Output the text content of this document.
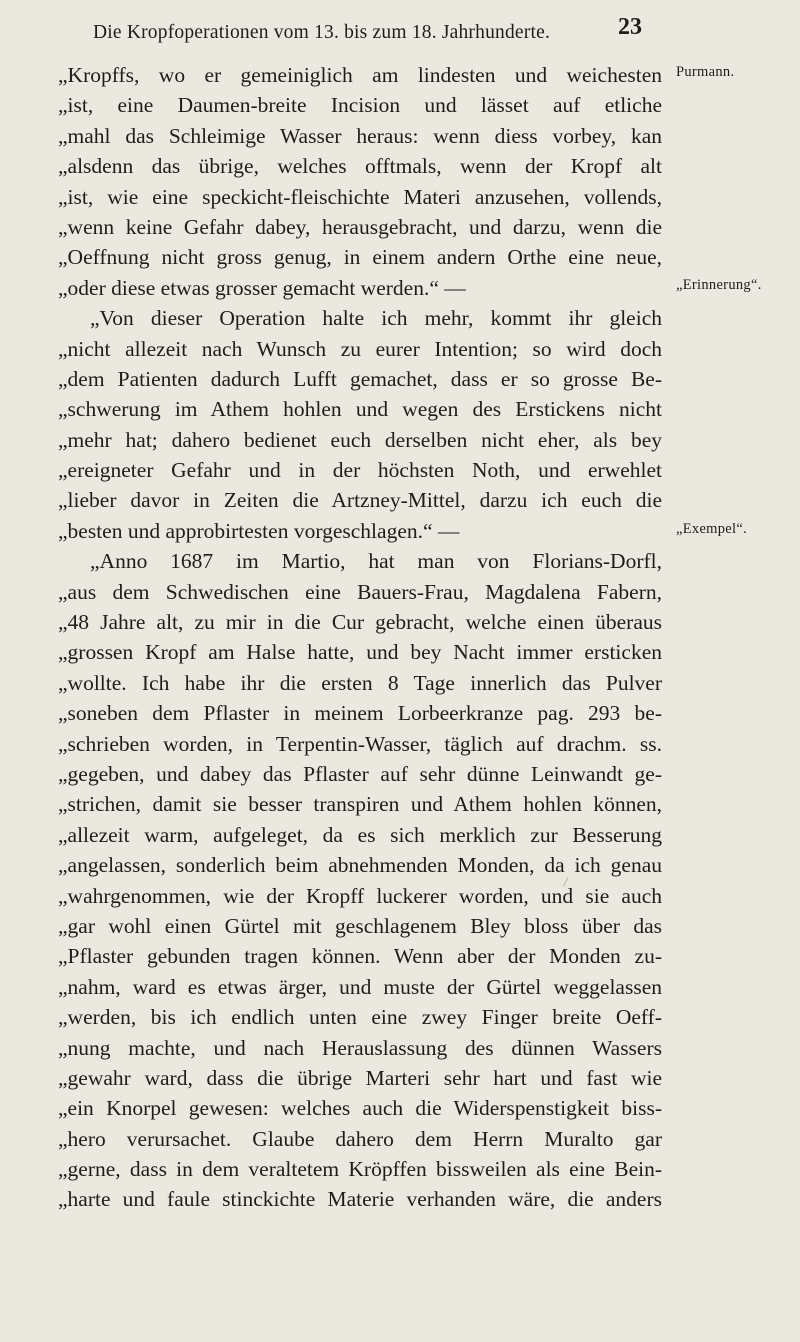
Die Kropfoperationen vom 13. bis zum 18. Jahrhunderte.	23
Purmann.
„Erinnerung“.
„Exempel“.
„Kropffs, wo er gemeiniglich am lindesten und weichesten
„ist, eine Daumen-breite Incision und lässet auf etliche
„mahl das Schleimige Wasser heraus: wenn diess vorbey, kan
„alsdenn das übrige, welches offtmals, wenn der Kropf alt
„ist, wie eine speckicht-fleischichte Materi anzusehen, vollends,
„wenn keine Gefahr dabey, herausgebracht, und darzu, wenn die
„Oeffnung nicht gross genug, in einem andern Orthe eine neue,
„oder diese etwas grosser gemacht werden.“ —
„Von dieser Operation halte ich mehr, kommt ihr gleich
„nicht allezeit nach Wunsch zu eurer Intention; so wird doch
„dem Patienten dadurch Lufft gemachet, dass er so grosse Be-
„schwerung im Athem hohlen und wegen des Erstickens nicht
„mehr hat; dahero bedienet euch derselben nicht eher, als bey
„ereigneter Gefahr und in der höchsten Noth, und erwehlet
„lieber davor in Zeiten die Artzney-Mittel, darzu ich euch die
„besten und approbirtesten vorgeschlagen.“ —
„Anno 1687 im Martio, hat man von Florians-Dorfl,
„aus dem Schwedischen eine Bauers-Frau, Magdalena Fabern,
„48 Jahre alt, zu mir in die Cur gebracht, welche einen überaus
„grossen Kropf am Halse hatte, und bey Nacht immer ersticken
„wollte. Ich habe ihr die ersten 8 Tage innerlich das Pulver
„soneben dem Pflaster in meinem Lorbeerkranze pag. 293 be-
„schrieben worden, in Terpentin-Wasser, täglich auf drachm. ss.
„gegeben, und dabey das Pflaster auf sehr dünne Leinwandt ge-
„strichen, damit sie besser transpiren und Athem hohlen können,
„allezeit warm, aufgeleget, da es sich merklich zur Besserung
„angelassen, sonderlich beim abnehmenden Monden, da ich genau
„wahrgenommen, wie der Kropff luckerer worden, und sie auch
„gar wohl einen Gürtel mit geschlagenem Bley bloss über das
„Pflaster gebunden tragen können. Wenn aber der Monden zu-
„nahm, ward es etwas ärger, und muste der Gürtel weggelassen
„werden, bis ich endlich unten eine zwey Finger breite Oeff-
„nung machte, und nach Herauslassung des dünnen Wassers
„gewahr ward, dass die übrige Marteri sehr hart und fast wie
„ein Knorpel gewesen: welches auch die Widerspenstigkeit biss-
„hero verursachet. Glaube dahero dem Herrn Muralto gar
„gerne, dass in dem veraltetem Kröpffen bissweilen als eine Bein-
„harte und faule stinckichte Materie verhanden wäre, die anders
